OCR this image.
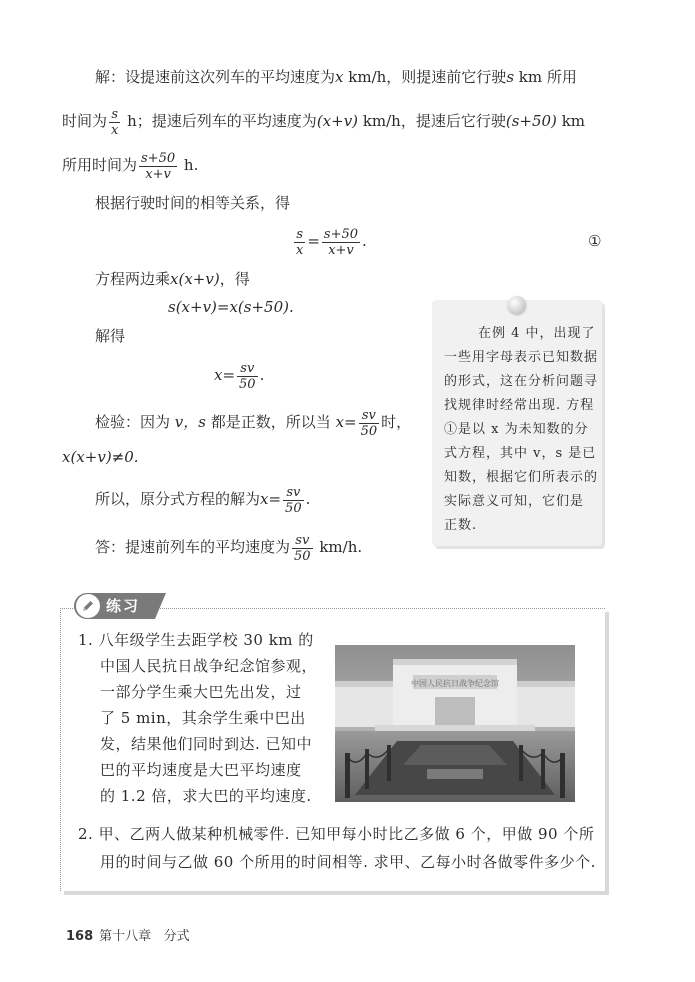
解：设提速前这次列车的平均速度为x km/h，则提速前它行驶s km 所用
时间为 $\frac{s}{x}$ h；提速后列车的平均速度为(x+v) km/h，提速后它行驶(s+50) km
所用时间为 $\frac{s+50}{x+v} h$.
根据行驶时间的相等关系，得
$\frac{s}{x} = \frac{s+50}{x+v}$ .	①
方程两边乘x(x+v)，得
s(x+v)=x(s+50).
解得
$x= \frac{sv}{50}$ .
检验：因为 v，s 都是正数，所以当 $x= \frac{sv}{50}$ 时，
x(x+v)≠0.
所以，原分式方程的解为$x= \frac{sv}{50}$ .
答：提速前列车的平均速度为 $\frac{sv}{50} km/h$.
在例 4 中，出现了
一些用字母表示已知数据
的形式，这在分析问题寻
找规律时经常出现. 方程
①是以 x 为未知数的分
式方程，其中 v，s 是已
知数，根据它们所表示的
实际意义可知，它们是
正数.
练习
1. 八年级学生去距学校 30 km 的
中国人民抗日战争纪念馆参观，
一部分学生乘大巴先出发，过
了 5 min，其余学生乘中巴出
发，结果他们同时到达. 已知中
巴的平均速度是大巴平均速度
的 1.2 倍，求大巴的平均速度.
中国人民抗日战争纪念馆
2. 甲、乙两人做某种机械零件. 已知甲每小时比乙多做 6 个，甲做 90 个所
用的时间与乙做 60 个所用的时间相等. 求甲、乙每小时各做零件多少个.
168 第十八章 分式
